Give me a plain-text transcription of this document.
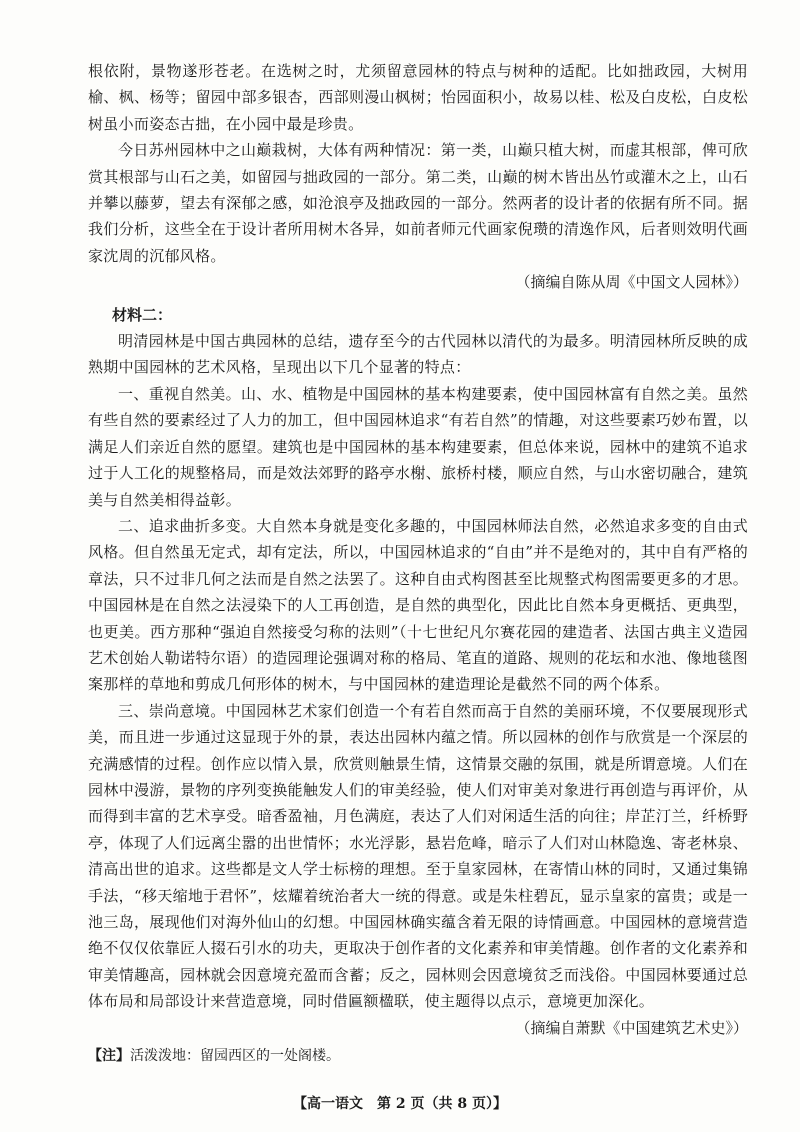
根依附，景物遂形苍老。在选树之时，尤须留意园林的特点与树种的适配。比如拙政园，大树用榆、枫、杨等；留园中部多银杏，西部则漫山枫树；怡园面积小，故易以桂、松及白皮松，白皮松树虽小而姿态古拙，在小园中最是珍贵。

今日苏州园林中之山巅栽树，大体有两种情况：第一类，山巅只植大树，而虚其根部，俾可欣赏其根部与山石之美，如留园与拙政园的一部分。第二类，山巅的树木皆出丛竹或灌木之上，山石并攀以藤萝，望去有深郁之感，如沧浪亭及拙政园的一部分。然两者的设计者的依据有所不同。据我们分析，这些全在于设计者所用树木各异，如前者师元代画家倪瓒的清逸作风，后者则效明代画家沈周的沉郁风格。

（摘编自陈从周《中国文人园林》）

材料二：

明清园林是中国古典园林的总结，遗存至今的古代园林以清代的为最多。明清园林所反映的成熟期中国园林的艺术风格，呈现出以下几个显著的特点：

一、重视自然美。山、水、植物是中国园林的基本构建要素，使中国园林富有自然之美。虽然有些自然的要素经过了人力的加工，但中国园林追求“有若自然”的情趣，对这些要素巧妙布置，以满足人们亲近自然的愿望。建筑也是中国园林的基本构建要素，但总体来说，园林中的建筑不追求过于人工化的规整格局，而是效法郊野的路亭水榭、旅桥村楼，顺应自然，与山水密切融合，建筑美与自然美相得益彰。

二、追求曲折多变。大自然本身就是变化多趣的，中国园林师法自然，必然追求多变的自由式风格。但自然虽无定式，却有定法，所以，中国园林追求的“自由”并不是绝对的，其中自有严格的章法，只不过非几何之法而是自然之法罢了。这种自由式构图甚至比规整式构图需要更多的才思。中国园林是在自然之法浸染下的人工再创造，是自然的典型化，因此比自然本身更概括、更典型，也更美。西方那种“强迫自然接受匀称的法则”（十七世纪凡尔赛花园的建造者、法国古典主义造园艺术创始人勒诺特尔语）的造园理论强调对称的格局、笔直的道路、规则的花坛和水池、像地毯图案那样的草地和剪成几何形体的树木，与中国园林的建造理论是截然不同的两个体系。

三、崇尚意境。中国园林艺术家们创造一个有若自然而高于自然的美丽环境，不仅要展现形式美，而且进一步通过这显现于外的景，表达出园林内蕴之情。所以园林的创作与欣赏是一个深层的充满感情的过程。创作应以情入景，欣赏则触景生情，这情景交融的氛围，就是所谓意境。人们在园林中漫游，景物的序列变换能触发人们的审美经验，使人们对审美对象进行再创造与再评价，从而得到丰富的艺术享受。暗香盈袖，月色满庭，表达了人们对闲适生活的向往；岸芷汀兰，纤桥野亭，体现了人们远离尘嚣的出世情怀；水光浮影，悬岩危峰，暗示了人们对山林隐逸、寄老林泉、清高出世的追求。这些都是文人学士标榜的理想。至于皇家园林，在寄情山林的同时，又通过集锦手法，“移天缩地于君怀”，炫耀着统治者大一统的得意。或是朱柱碧瓦，显示皇家的富贵；或是一池三岛，展现他们对海外仙山的幻想。中国园林确实蕴含着无限的诗情画意。中国园林的意境营造绝不仅仅依靠匠人掇石引水的功夫，更取决于创作者的文化素养和审美情趣。创作者的文化素养和审美情趣高，园林就会因意境充盈而含蓄；反之，园林则会因意境贫乏而浅俗。中国园林要通过总体布局和局部设计来营造意境，同时借匾额楹联，使主题得以点示，意境更加深化。

（摘编自萧默《中国建筑艺术史》）

【注】活泼泼地：留园西区的一处阁楼。

【高一语文　第 2 页（共 8 页）】
